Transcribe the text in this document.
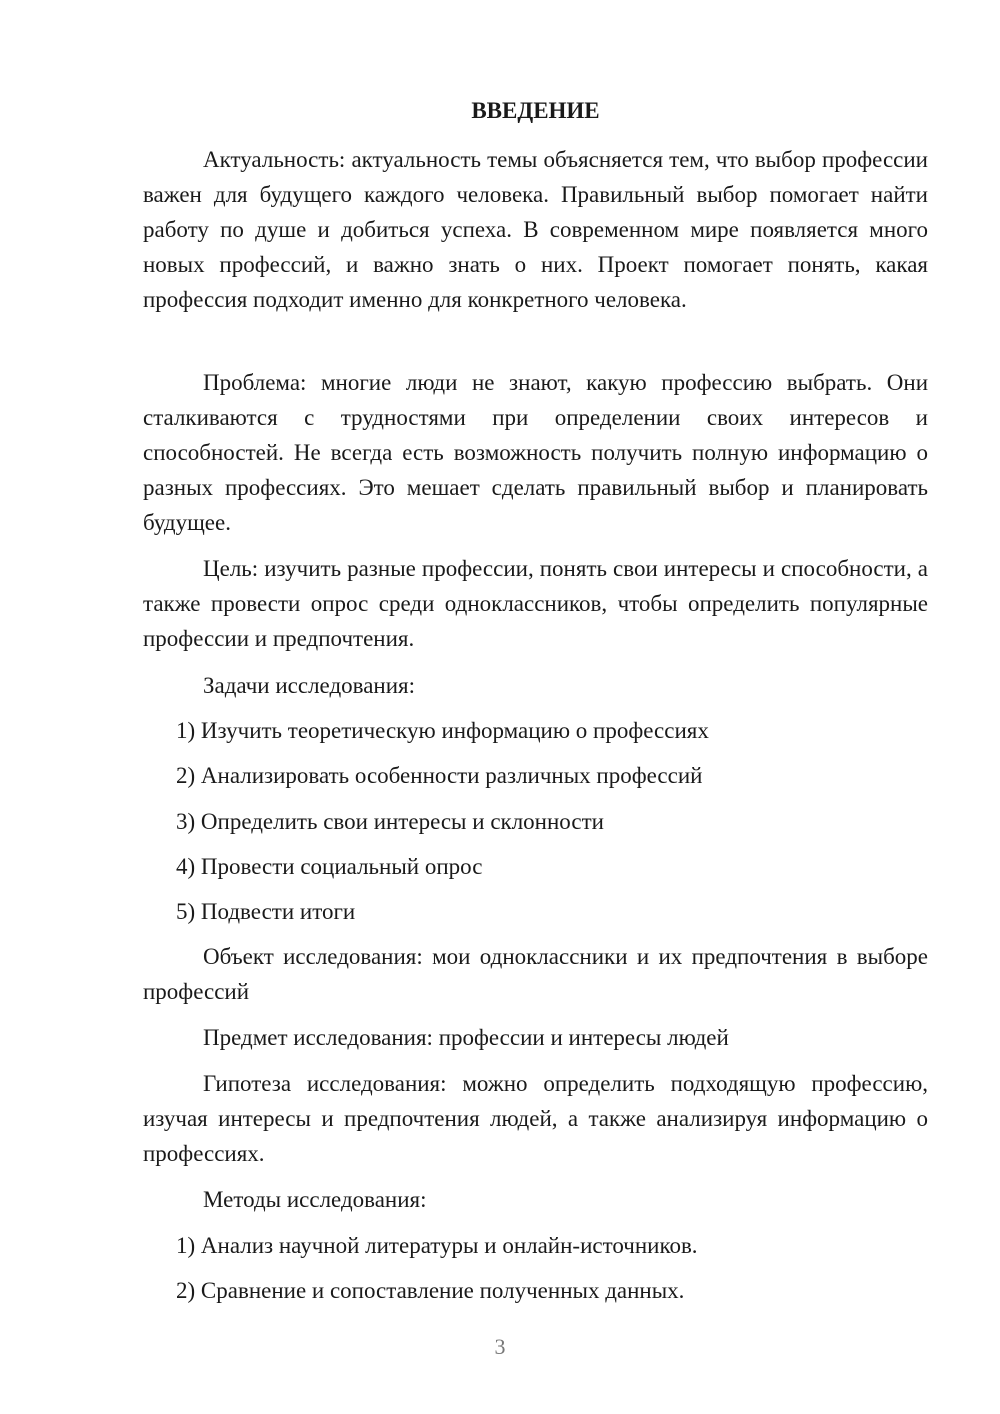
ВВЕДЕНИЕ

Актуальность: актуальность темы объясняется тем, что выбор профессии важен для будущего каждого человека. Правильный выбор помогает найти работу по душе и добиться успеха. В современном мире появляется много новых профессий, и важно знать о них. Проект помогает понять, какая профессия подходит именно для конкретного человека.

Проблема: многие люди не знают, какую профессию выбрать. Они сталкиваются с трудностями при определении своих интересов и способностей. Не всегда есть возможность получить полную информацию о разных профессиях. Это мешает сделать правильный выбор и планировать будущее.

Цель: изучить разные профессии, понять свои интересы и способности, а также провести опрос среди одноклассников, чтобы определить популярные профессии и предпочтения.

Задачи исследования:

1) Изучить теоретическую информацию о профессиях

2) Анализировать особенности различных профессий

3) Определить свои интересы и склонности

4) Провести социальный опрос

5) Подвести итоги

Объект исследования: мои одноклассники и их предпочтения в выборе профессий

Предмет исследования: профессии и интересы людей

Гипотеза исследования: можно определить подходящую профессию, изучая интересы и предпочтения людей, а также анализируя информацию о профессиях.

Методы исследования:

1) Анализ научной литературы и онлайн-источников.

2) Сравнение и сопоставление полученных данных.

3
